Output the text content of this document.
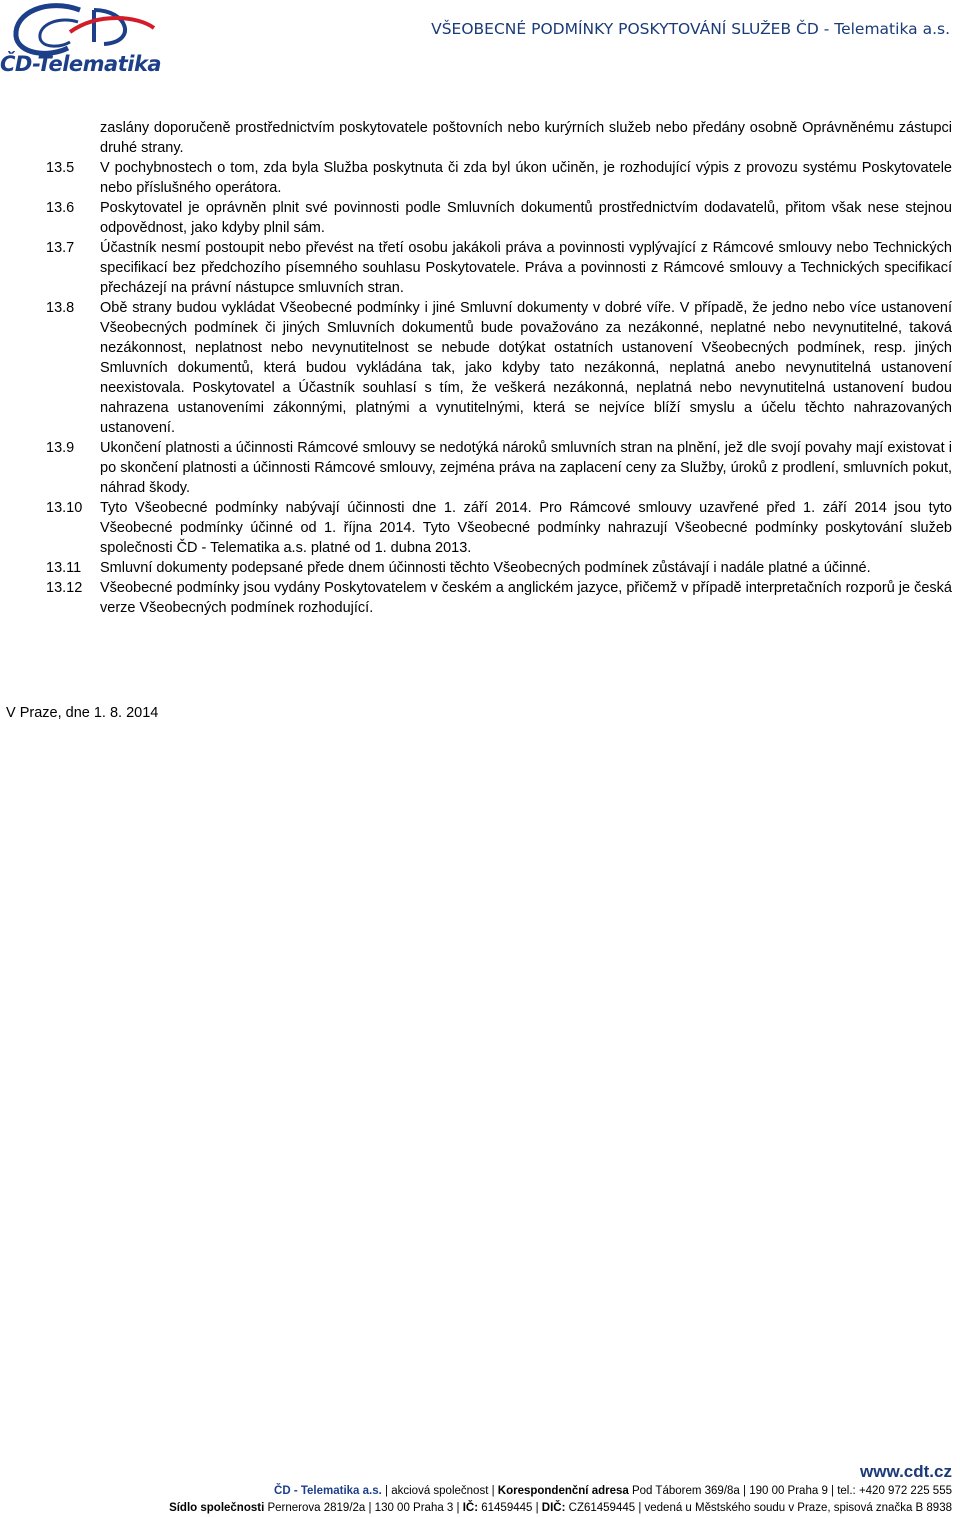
ČD-Telematika
VŠEOBECNÉ PODMÍNKY POSKYTOVÁNÍ SLUŽEB ČD - Telematika a.s.
zaslány doporučeně prostřednictvím poskytovatele poštovních nebo kurýrních služeb nebo předány osobně Oprávněnému zástupci druhé strany.
13.5	V pochybnostech o tom, zda byla Služba poskytnuta či zda byl úkon učiněn, je rozhodující výpis z provozu systému Poskytovatele nebo příslušného operátora.
13.6	Poskytovatel je oprávněn plnit své povinnosti podle Smluvních dokumentů prostřednictvím dodavatelů, přitom však nese stejnou odpovědnost, jako kdyby plnil sám.
13.7	Účastník nesmí postoupit nebo převést na třetí osobu jakákoli práva a povinnosti vyplývající z Rámcové smlouvy nebo Technických specifikací bez předchozího písemného souhlasu Poskytovatele. Práva a povinnosti z Rámcové smlouvy a Technických specifikací přecházejí na právní nástupce smluvních stran.
13.8	Obě strany budou vykládat Všeobecné podmínky i jiné Smluvní dokumenty v dobré víře. V případě, že jedno nebo více ustanovení Všeobecných podmínek či jiných Smluvních dokumentů bude považováno za nezákonné, neplatné nebo nevynutitelné, taková nezákonnost, neplatnost nebo nevynutitelnost se nebude dotýkat ostatních ustanovení Všeobecných podmínek, resp. jiných Smluvních dokumentů, která budou vykládána tak, jako kdyby tato nezákonná, neplatná anebo nevynutitelná ustanovení neexistovala. Poskytovatel a Účastník souhlasí s tím, že veškerá nezákonná, neplatná nebo nevynutitelná ustanovení budou nahrazena ustanoveními zákonnými, platnými a vynutitelnými, která se nejvíce blíží smyslu a účelu těchto nahrazovaných ustanovení.
13.9	Ukončení platnosti a účinnosti Rámcové smlouvy se nedotýká nároků smluvních stran na plnění, jež dle svojí povahy mají existovat i po skončení platnosti a účinnosti Rámcové smlouvy, zejména práva na zaplacení ceny za Služby, úroků z prodlení, smluvních pokut, náhrad škody.
13.10	Tyto Všeobecné podmínky nabývají účinnosti dne 1. září 2014. Pro Rámcové smlouvy uzavřené před 1. září 2014 jsou tyto Všeobecné podmínky účinné od 1. října 2014. Tyto Všeobecné podmínky nahrazují Všeobecné podmínky poskytování služeb společnosti ČD - Telematika a.s. platné od 1. dubna 2013.
13.11	Smluvní dokumenty podepsané přede dnem účinnosti těchto Všeobecných podmínek zůstávají i nadále platné a účinné.
13.12	Všeobecné podmínky jsou vydány Poskytovatelem v českém a anglickém jazyce, přičemž v případě interpretačních rozporů je česká verze Všeobecných podmínek rozhodující.
V Praze, dne 1. 8. 2014
www.cdt.cz
ČD - Telematika a.s. | akciová společnost | Korespondenční adresa Pod Táborem 369/8a | 190 00 Praha 9 | tel.: +420 972 225 555
Sídlo společnosti Pernerova 2819/2a | 130 00 Praha 3 | IČ: 61459445 | DIČ: CZ61459445 | vedená u Městského soudu v Praze, spisová značka B 8938
